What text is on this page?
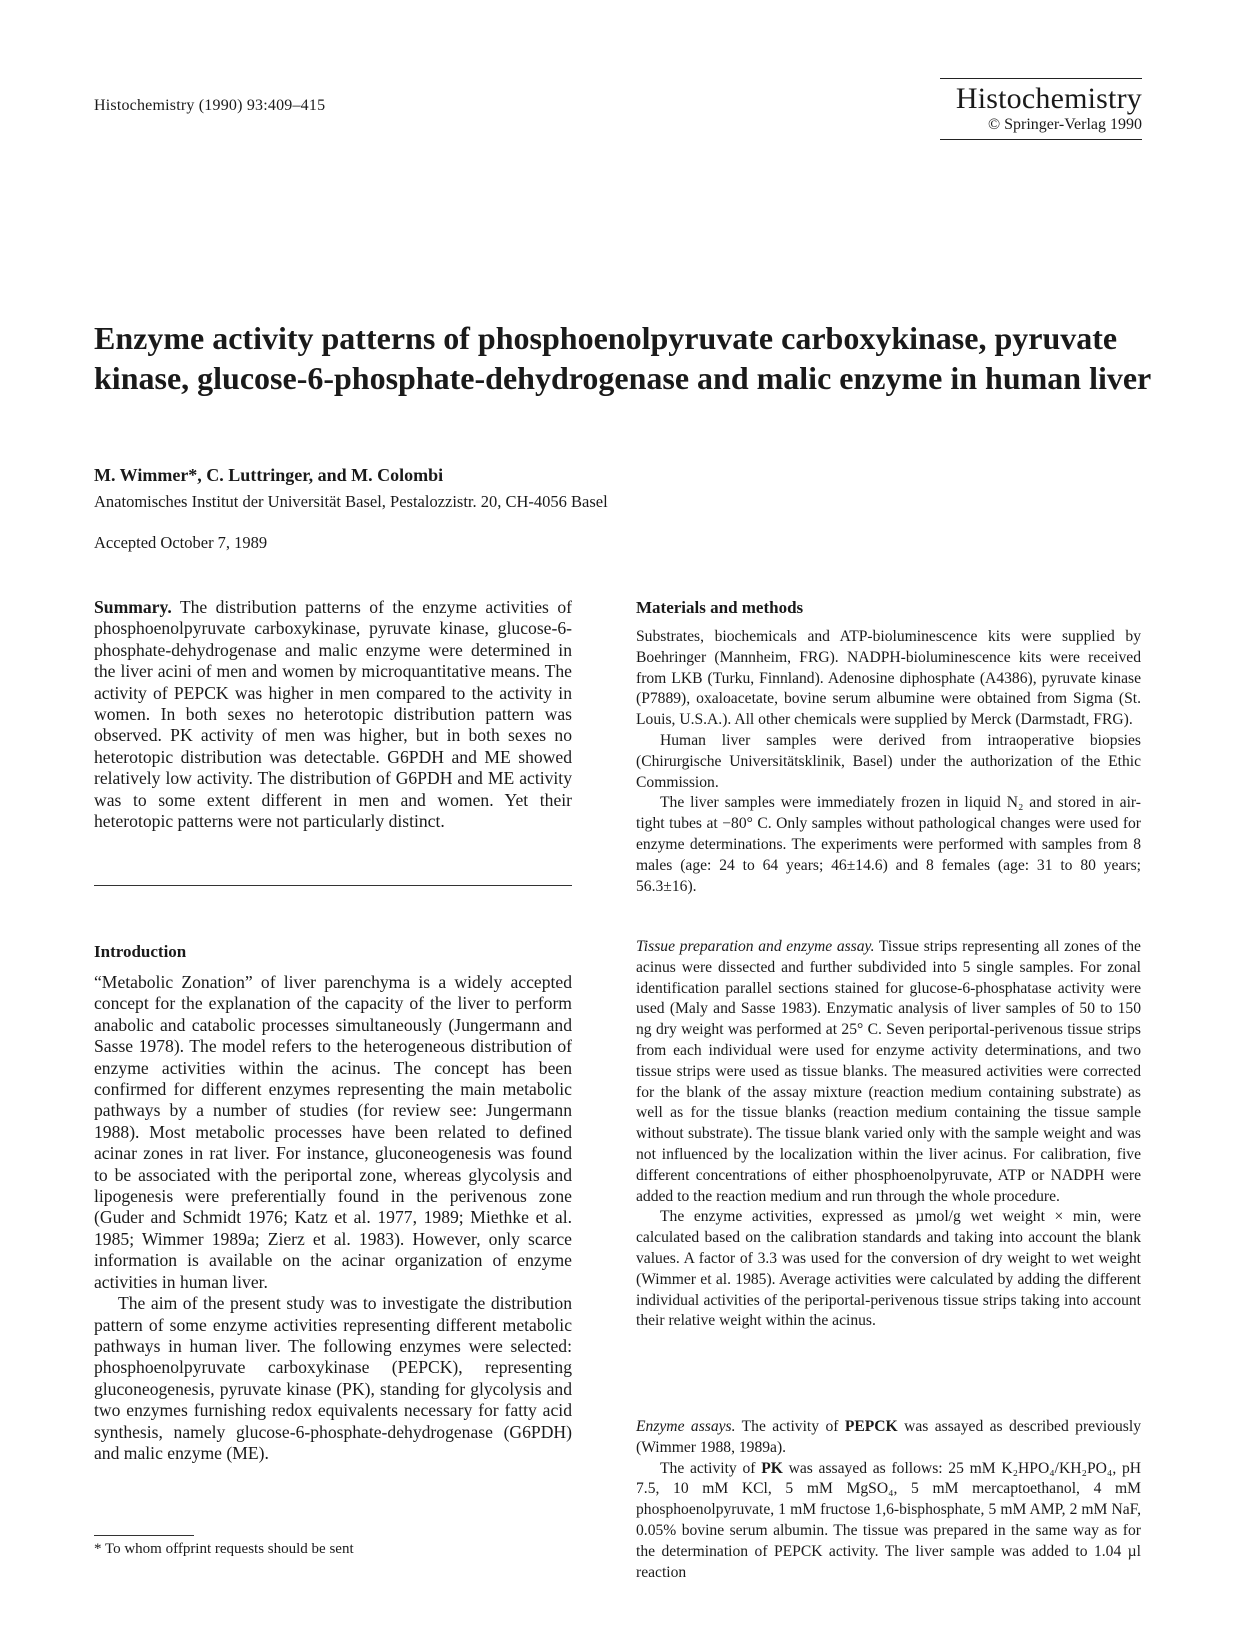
Histochemistry (1990) 93:409–415	Histochemistry
© Springer-Verlag 1990
Enzyme activity patterns of phosphoenolpyruvate carboxykinase, pyruvate kinase, glucose-6-phosphate-dehydrogenase and malic enzyme in human liver
M. Wimmer*, C. Luttringer, and M. Colombi
Anatomisches Institut der Universität Basel, Pestalozzistr. 20, CH-4056 Basel
Accepted October 7, 1989

Summary. The distribution patterns of the enzyme activities of phosphoenolpyruvate carboxykinase, pyruvate kinase, glucose-6-phosphate-dehydrogenase and malic enzyme were determined in the liver acini of men and women by microquantitative means. The activity of PEPCK was higher in men compared to the activity in women. In both sexes no heterotopic distribution pattern was observed. PK activity of men was higher, but in both sexes no heterotopic distribution was detectable. G6PDH and ME showed relatively low activity. The distribution of G6PDH and ME activity was to some extent different in men and women. Yet their heterotopic patterns were not particularly distinct.

Introduction

“Metabolic Zonation” of liver parenchyma is a widely accepted concept for the explanation of the capacity of the liver to perform anabolic and catabolic processes simultaneously (Jungermann and Sasse 1978). The model refers to the heterogeneous distribution of enzyme activities within the acinus. The concept has been confirmed for different enzymes representing the main metabolic pathways by a number of studies (for review see: Jungermann 1988). Most metabolic processes have been related to defined acinar zones in rat liver. For instance, gluconeogenesis was found to be associated with the periportal zone, whereas glycolysis and lipogenesis were preferentially found in the perivenous zone (Guder and Schmidt 1976; Katz et al. 1977, 1989; Miethke et al. 1985; Wimmer 1989a; Zierz et al. 1983). However, only scarce information is available on the acinar organization of enzyme activities in human liver.

The aim of the present study was to investigate the distribution pattern of some enzyme activities representing different metabolic pathways in human liver. The following enzymes were selected: phosphoenolpyruvate carboxykinase (PEPCK), representing gluconeogenesis, pyruvate kinase (PK), standing for glycolysis and two enzymes furnishing redox equivalents necessary for fatty acid synthesis, namely glucose-6-phosphate-dehydrogenase (G6PDH) and malic enzyme (ME).

* To whom offprint requests should be sent
Materials and methods

Substrates, biochemicals and ATP-bioluminescence kits were supplied by Boehringer (Mannheim, FRG). NADPH-bioluminescence kits were received from LKB (Turku, Finnland). Adenosine diphosphate (A4386), pyruvate kinase (P7889), oxaloacetate, bovine serum albumine were obtained from Sigma (St. Louis, U.S.A.). All other chemicals were supplied by Merck (Darmstadt, FRG).

Human liver samples were derived from intraoperative biopsies (Chirurgische Universitätsklinik, Basel) under the authorization of the Ethic Commission.

The liver samples were immediately frozen in liquid N₂ and stored in air-tight tubes at −80° C. Only samples without pathological changes were used for enzyme determinations. The experiments were performed with samples from 8 males (age: 24 to 64 years; 46±14.6) and 8 females (age: 31 to 80 years; 56.3±16).

Tissue preparation and enzyme assay. Tissue strips representing all zones of the acinus were dissected and further subdivided into 5 single samples. For zonal identification parallel sections stained for glucose-6-phosphatase activity were used (Maly and Sasse 1983). Enzymatic analysis of liver samples of 50 to 150 ng dry weight was performed at 25° C. Seven periportal-perivenous tissue strips from each individual were used for enzyme activity determinations, and two tissue strips were used as tissue blanks. The measured activities were corrected for the blank of the assay mixture (reaction medium containing substrate) as well as for the tissue blanks (reaction medium containing the tissue sample without substrate). The tissue blank varied only with the sample weight and was not influenced by the localization within the liver acinus. For calibration, five different concentrations of either phosphoenolpyruvate, ATP or NADPH were added to the reaction medium and run through the whole procedure.

The enzyme activities, expressed as µmol/g wet weight × min, were calculated based on the calibration standards and taking into account the blank values. A factor of 3.3 was used for the conversion of dry weight to wet weight (Wimmer et al. 1985). Average activities were calculated by adding the different individual activities of the periportal-perivenous tissue strips taking into account their relative weight within the acinus.

Enzyme assays. The activity of PEPCK was assayed as described previously (Wimmer 1988, 1989a).

The activity of PK was assayed as follows: 25 mM K₂HPO₄/KH₂PO₄, pH 7.5, 10 mM KCl, 5 mM MgSO₄, 5 mM mercaptoethanol, 4 mM phosphoenolpyruvate, 1 mM fructose 1,6-bisphosphate, 5 mM AMP, 2 mM NaF, 0.05% bovine serum albumin. The tissue was prepared in the same way as for the determination of PEPCK activity. The liver sample was added to 1.04 µl reaction
